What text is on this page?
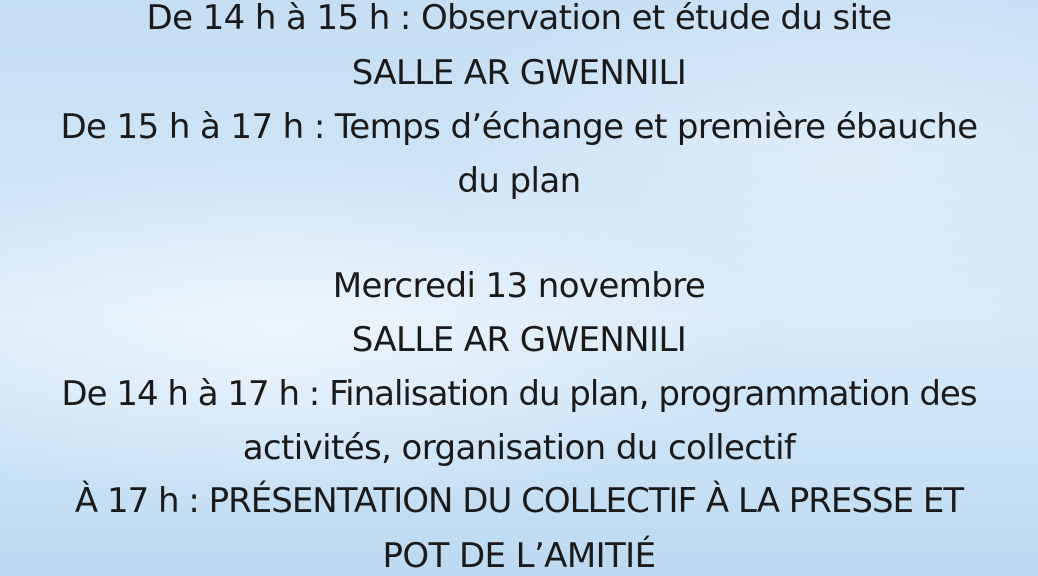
De 14 h à 15 h : Observation et étude du site
SALLE AR GWENNILI
De 15 h à 17 h : Temps d’échange et première ébauche
du plan
Mercredi 13 novembre
SALLE AR GWENNILI
De 14 h à 17 h : Finalisation du plan, programmation des
activités, organisation du collectif
À 17 h : PRÉSENTATION DU COLLECTIF À LA PRESSE ET
POT DE L’AMITIÉ
